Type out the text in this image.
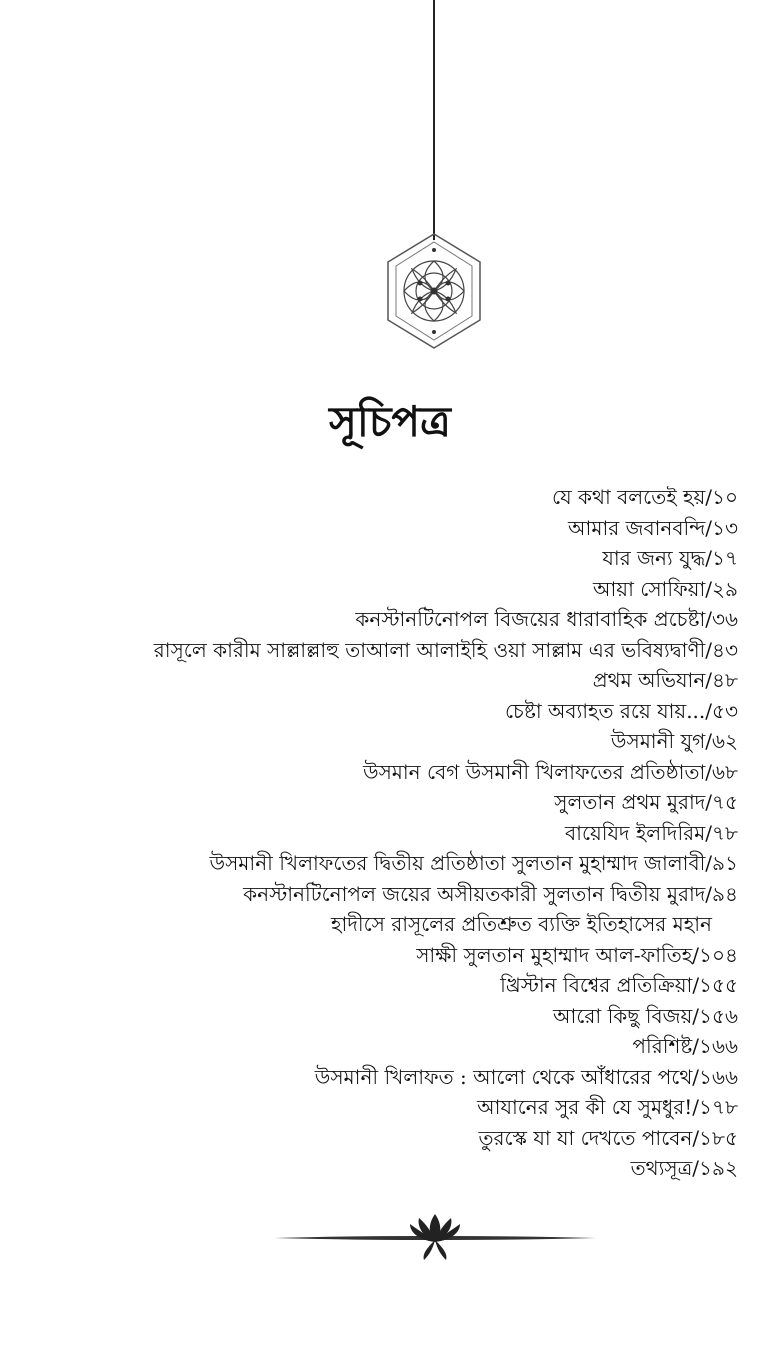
সূচিপত্র
যে কথা বলতেই হয়/১০
আমার জবানবন্দি/১৩
যার জন্য যুদ্ধ/১৭
আয়া সোফিয়া/২৯
কনস্টানটিনোপল বিজয়ের ধারাবাহিক প্রচেষ্টা/৩৬
রাসূলে কারীম সাল্লাল্লাহু তাআলা আলাইহি ওয়া সাল্লাম এর ভবিষ্যদ্বাণী/৪৩
প্রথম অভিযান/৪৮
চেষ্টা অব্যাহত রয়ে যায়.../৫৩
উসমানী যুগ/৬২
উসমান বেগ উসমানী খিলাফতের প্রতিষ্ঠাতা/৬৮
সুলতান প্রথম মুরাদ/৭৫
বায়েযিদ ইলদিরিম/৭৮
উসমানী খিলাফতের দ্বিতীয় প্রতিষ্ঠাতা সুলতান মুহাম্মাদ জালাবী/৯১
কনস্টানটিনোপল জয়ের অসীয়তকারী সুলতান দ্বিতীয় মুরাদ/৯৪
হাদীসে রাসূলের প্রতিশ্রুত ব্যক্তি ইতিহাসের মহান
সাক্ষী সুলতান মুহাম্মাদ আল-ফাতিহ/১০৪
খ্রিস্টান বিশ্বের প্রতিক্রিয়া/১৫৫
আরো কিছু বিজয়/১৫৬
পরিশিষ্ট/১৬৬
উসমানী খিলাফত : আলো থেকে আঁধারের পথে/১৬৬
আযানের সুর কী যে সুমধুর!/১৭৮
তুরস্কে যা যা দেখতে পাবেন/১৮৫
তথ্যসূত্র/১৯২
